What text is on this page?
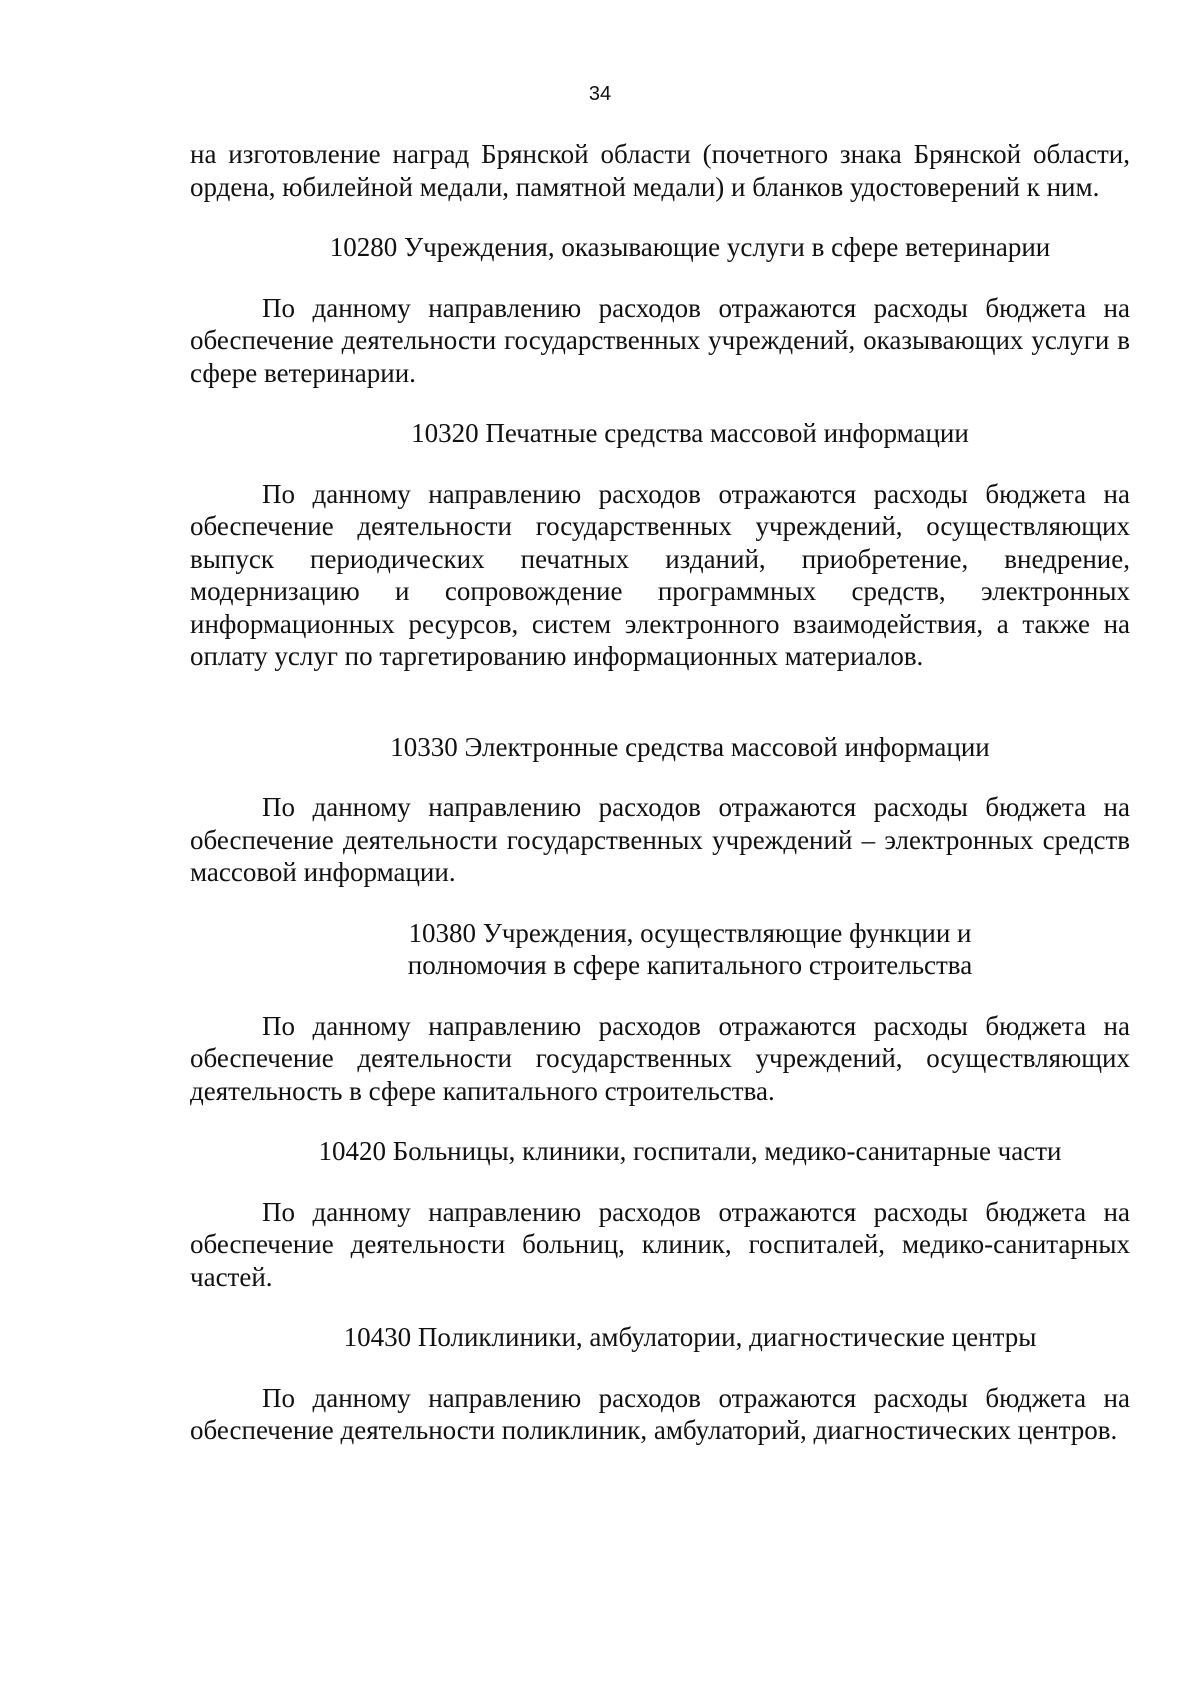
34

на изготовление наград Брянской области (почетного знака Брянской области, ордена, юбилейной медали, памятной медали) и бланков удостоверений к ним.

10280 Учреждения, оказывающие услуги в сфере ветеринарии

По данному направлению расходов отражаются расходы бюджета на обеспечение деятельности государственных учреждений, оказывающих услуги в сфере ветеринарии.

10320 Печатные средства массовой информации

По данному направлению расходов отражаются расходы бюджета на обеспечение деятельности государственных учреждений, осуществляющих выпуск периодических печатных изданий, приобретение, внедрение, модернизацию и сопровождение программных средств, электронных информационных ресурсов, систем электронного взаимодействия, а также на оплату услуг по таргетированию информационных материалов.

10330 Электронные средства массовой информации

По данному направлению расходов отражаются расходы бюджета на обеспечение деятельности государственных учреждений – электронных средств массовой информации.

10380 Учреждения, осуществляющие функции и полномочия в сфере капитального строительства

По данному направлению расходов отражаются расходы бюджета на обеспечение деятельности государственных учреждений, осуществляющих деятельность в сфере капитального строительства.

10420 Больницы, клиники, госпитали, медико-санитарные части

По данному направлению расходов отражаются расходы бюджета на обеспечение деятельности больниц, клиник, госпиталей, медико-санитарных частей.

10430 Поликлиники, амбулатории, диагностические центры

По данному направлению расходов отражаются расходы бюджета на обеспечение деятельности поликлиник, амбулаторий, диагностических центров.
